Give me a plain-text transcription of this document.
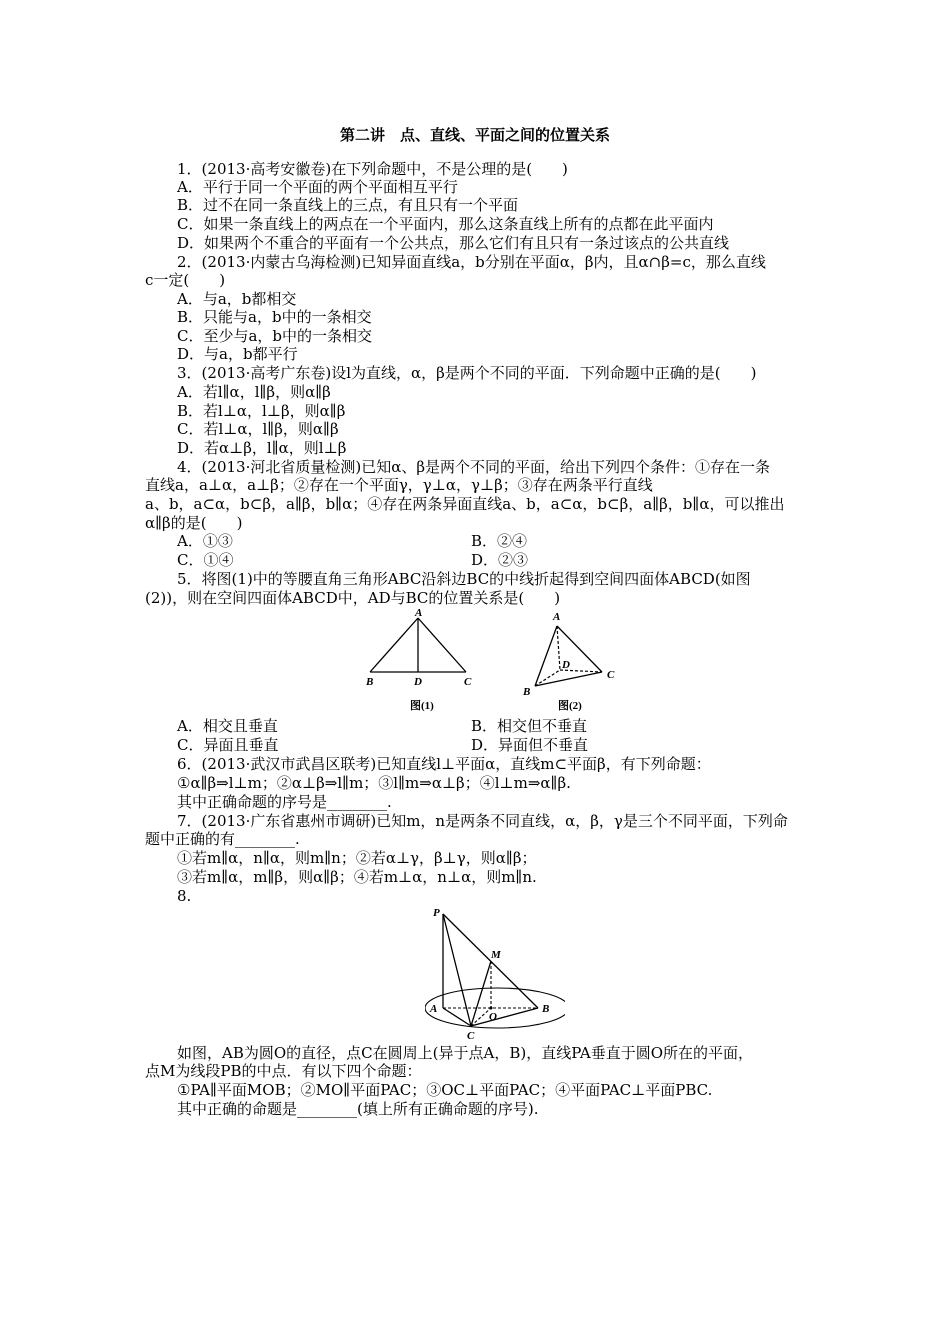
第二讲　点、直线、平面之间的位置关系
1．(2013·高考安徽卷)在下列命题中，不是公理的是(　　)
A．平行于同一个平面的两个平面相互平行
B．过不在同一条直线上的三点，有且只有一个平面
C．如果一条直线上的两点在一个平面内，那么这条直线上所有的点都在此平面内
D．如果两个不重合的平面有一个公共点，那么它们有且只有一条过该点的公共直线
2．(2013·内蒙古乌海检测)已知异面直线a，b分别在平面α，β内，且α∩β=c，那么直线
c一定(　　)
A．与a，b都相交
B．只能与a，b中的一条相交
C．至少与a，b中的一条相交
D．与a，b都平行
3．(2013·高考广东卷)设l为直线，α，β是两个不同的平面．下列命题中正确的是(　　)
A．若l∥α，l∥β，则α∥β
B．若l⊥α，l⊥β，则α∥β
C．若l⊥α，l∥β，则α∥β
D．若α⊥β，l∥α，则l⊥β
4．(2013·河北省质量检测)已知α、β是两个不同的平面，给出下列四个条件：①存在一条
直线a，a⊥α，a⊥β；②存在一个平面γ，γ⊥α，γ⊥β；③存在两条平行直线
a、b，a⊂α，b⊂β，a∥β，b∥α；④存在两条异面直线a、b，a⊂α，b⊂β，a∥β，b∥α，可以推出
α∥β的是(　　)
A．①③	B．②④
C．①④	D．②③
5．将图(1)中的等腰直角三角形ABC沿斜边BC的中线折起得到空间四面体ABCD(如图
(2))，则在空间四面体ABCD中，AD与BC的位置关系是(　　)
A
B	D	C
图(1)
A
D
C
B
图(2)
A．相交且垂直	B．相交但不垂直
C．异面且垂直	D．异面但不垂直
6．(2013·武汉市武昌区联考)已知直线l⊥平面α，直线m⊂平面β，有下列命题：
①α∥β⇒l⊥m；②α⊥β⇒l∥m；③l∥m⇒α⊥β；④l⊥m⇒α∥β.
其中正确命题的序号是________.
7．(2013·广东省惠州市调研)已知m，n是两条不同直线，α，β，γ是三个不同平面，下列命
题中正确的有________.
①若m∥α，n∥α，则m∥n；②若α⊥γ，β⊥γ，则α∥β；
③若m∥α，m∥β，则α∥β；④若m⊥α，n⊥α，则m∥n.
8.
P
M
A
O
B
C
如图，AB为圆O的直径，点C在圆周上(异于点A，B)，直线PA垂直于圆O所在的平面，
点M为线段PB的中点．有以下四个命题：
①PA∥平面MOB；②MO∥平面PAC；③OC⊥平面PAC；④平面PAC⊥平面PBC.
其中正确的命题是________(填上所有正确命题的序号).
